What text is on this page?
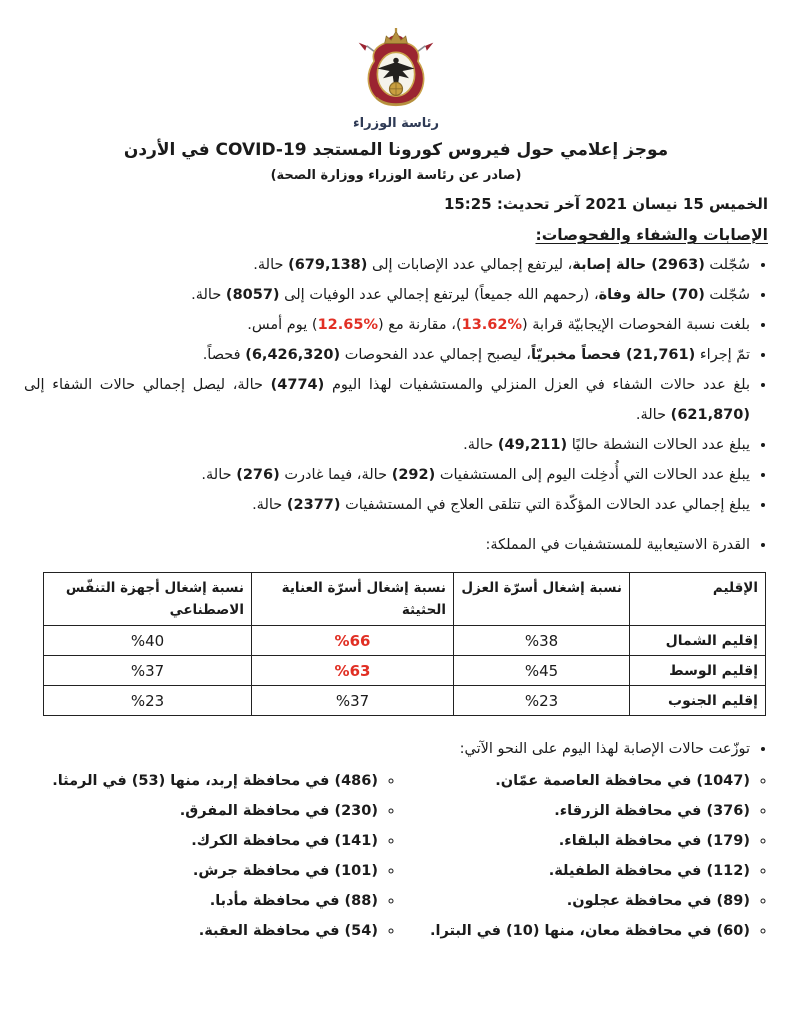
رئاسة الوزراء
موجز إعلامي حول فيروس كورونا المستجد COVID-19 في الأردن
(صادر عن رئاسة الوزراء ووزارة الصحة)
الخميس 15 نيسان 2021 آخر تحديث: 15:25
الإصابات والشفاء والفحوصات:
• سُجّلت (2963) حالة إصابة، ليرتفع إجمالي عدد الإصابات إلى (679,138) حالة.
• سُجّلت (70) حالة وفاة، (رحمهم الله جميعاً) ليرتفع إجمالي عدد الوفيات إلى (8057) حالة.
• بلغت نسبة الفحوصات الإيجابيّة قرابة (%13.62)، مقارنة مع (%12.65) يوم أمس.
• تمّ إجراء (21,761) فحصاً مخبريّاً، ليصبح إجمالي عدد الفحوصات (6,426,320) فحصاً.
• بلغ عدد حالات الشفاء في العزل المنزلي والمستشفيات لهذا اليوم (4774) حالة، ليصل إجمالي حالات الشفاء إلى (621,870) حالة.
• يبلغ عدد الحالات النشطة حاليًا (49,211) حالة.
• يبلغ عدد الحالات التي أُدخِلت اليوم إلى المستشفيات (292) حالة، فيما غادرت (276) حالة.
• يبلغ إجمالي عدد الحالات المؤكّدة التي تتلقى العلاج في المستشفيات (2377) حالة.
• القدرة الاستيعابية للمستشفيات في المملكة:
الإقليم	نسبة إشغال أسرّة العزل	نسبة إشغال أسرّة العناية الحثيثة	نسبة إشغال أجهزة التنفّس الاصطناعي
إقليم الشمال	%38	%66	%40
إقليم الوسط	%45	%63	%37
إقليم الجنوب	%23	%37	%23
• توزّعت حالات الإصابة لهذا اليوم على النحو الآتي:
◦ (1047) في محافظة العاصمة عمّان.
◦ (376) في محافظة الزرقاء.
◦ (179) في محافظة البلقاء.
◦ (112) في محافظة الطفيلة.
◦ (89) في محافظة عجلون.
◦ (60) في محافظة معان، منها (10) في البترا.
◦ (486) في محافظة إربد، منها (53) في الرمثا.
◦ (230) في محافظة المفرق.
◦ (141) في محافظة الكرك.
◦ (101) في محافظة جرش.
◦ (88) في محافظة مأدبا.
◦ (54) في محافظة العقبة.
